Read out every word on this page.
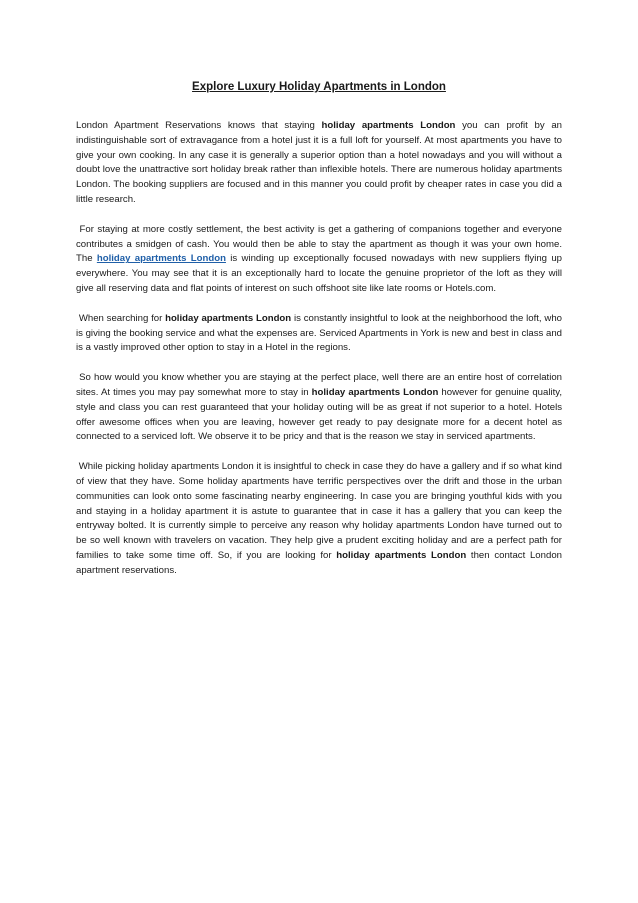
Explore Luxury Holiday Apartments in London

London Apartment Reservations knows that staying holiday apartments London you can profit by an indistinguishable sort of extravagance from a hotel just it is a full loft for yourself. At most apartments you have to give your own cooking. In any case it is generally a superior option than a hotel nowadays and you will without a doubt love the unattractive sort holiday break rather than inflexible hotels. There are numerous holiday apartments London. The booking suppliers are focused and in this manner you could profit by cheaper rates in case you did a little research.

For staying at more costly settlement, the best activity is get a gathering of companions together and everyone contributes a smidgen of cash. You would then be able to stay the apartment as though it was your own home. The holiday apartments London is winding up exceptionally focused nowadays with new suppliers flying up everywhere. You may see that it is an exceptionally hard to locate the genuine proprietor of the loft as they will give all reserving data and flat points of interest on such offshoot site like late rooms or Hotels.com.

When searching for holiday apartments London is constantly insightful to look at the neighborhood the loft, who is giving the booking service and what the expenses are. Serviced Apartments in York is new and best in class and is a vastly improved other option to stay in a Hotel in the regions.

So how would you know whether you are staying at the perfect place, well there are an entire host of correlation sites. At times you may pay somewhat more to stay in holiday apartments London however for genuine quality, style and class you can rest guaranteed that your holiday outing will be as great if not superior to a hotel. Hotels offer awesome offices when you are leaving, however get ready to pay designate more for a decent hotel as connected to a serviced loft. We observe it to be pricy and that is the reason we stay in serviced apartments.

While picking holiday apartments London it is insightful to check in case they do have a gallery and if so what kind of view that they have. Some holiday apartments have terrific perspectives over the drift and those in the urban communities can look onto some fascinating nearby engineering. In case you are bringing youthful kids with you and staying in a holiday apartment it is astute to guarantee that in case it has a gallery that you can keep the entryway bolted. It is currently simple to perceive any reason why holiday apartments London have turned out to be so well known with travelers on vacation. They help give a prudent exciting holiday and are a perfect path for families to take some time off. So, if you are looking for holiday apartments London then contact London apartment reservations.
